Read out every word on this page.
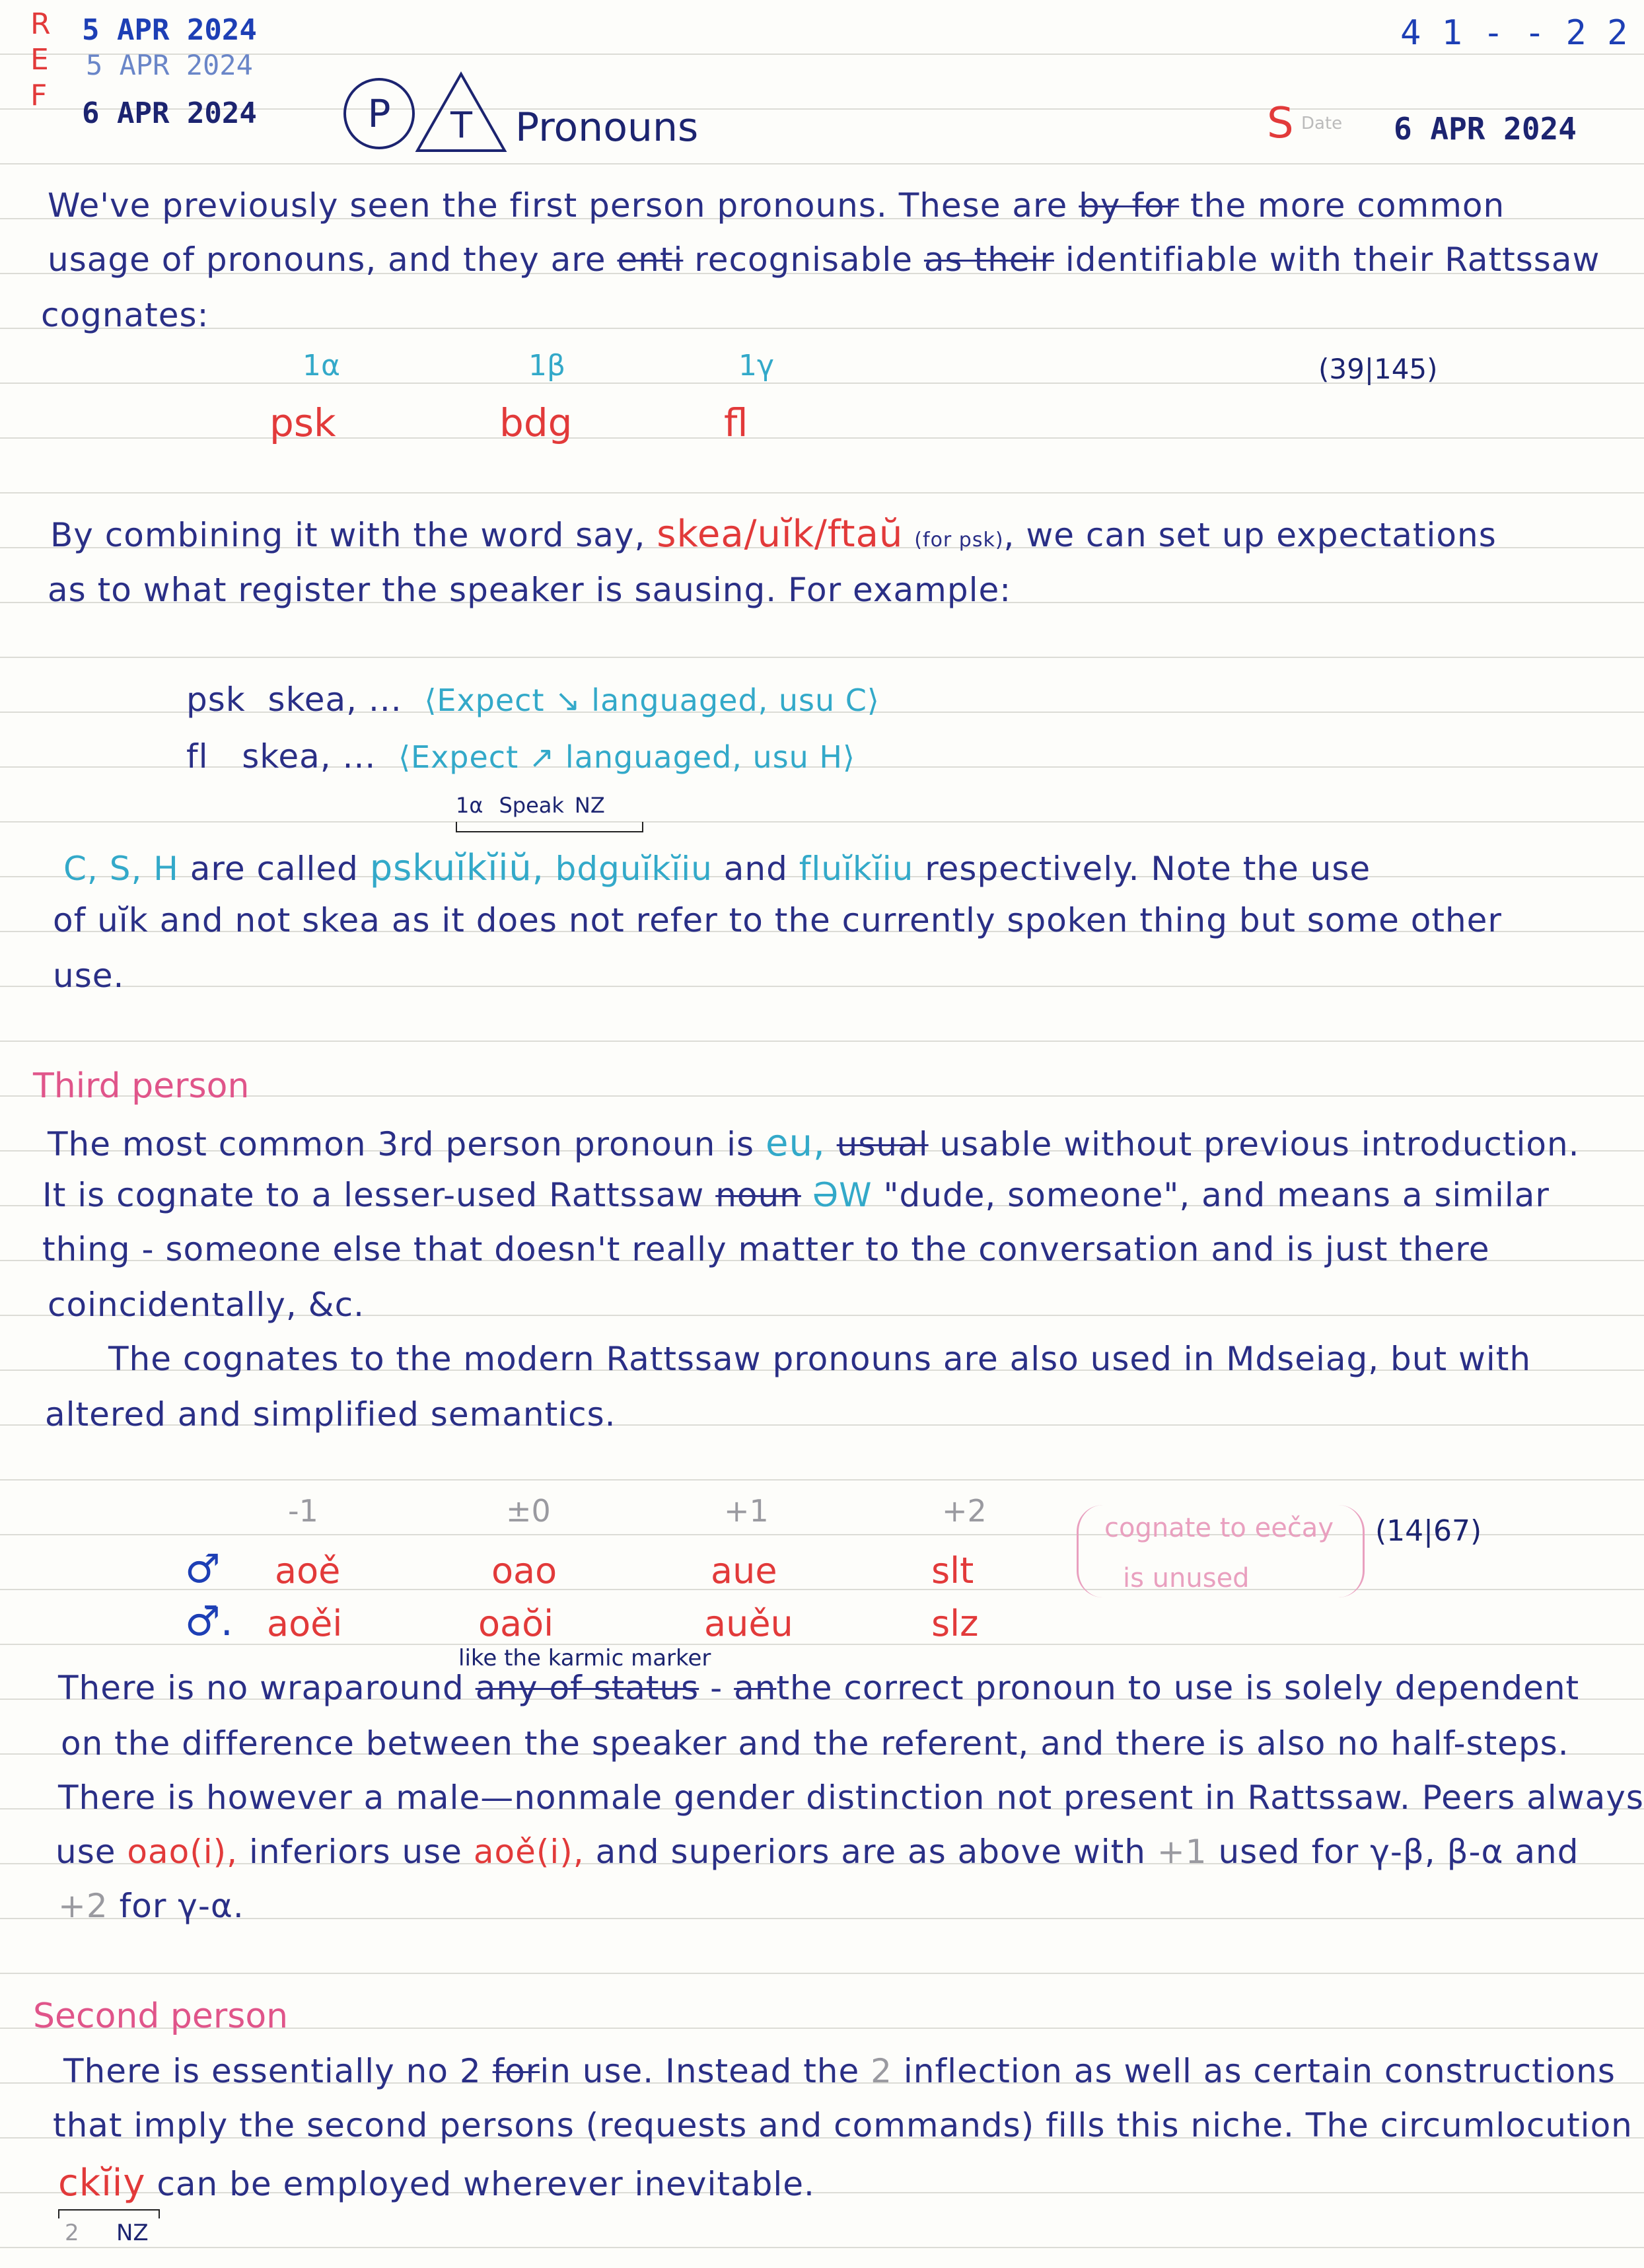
R
E
F
5 APR 2024
5 APR 2024
6 APR 2024
4 1 - - 2 2
P	T Pronouns	S Date 6 APR 2024
We've previously seen the first person pronouns. These are by for the more common
usage of pronouns, and they are enti recognisable as their identifiable with their Rattssaw
cognates:
1α	1β	1γ
psk	bdg	fl
(39|145)
By combining it with the word say, skea/uĭk/ftaŭ (for psk), we can set up expectations
as to what register the speaker is sausing. For example:
psk skea, ... ⟨Expect ↘ languaged, usu C⟩
fl skea, ... ⟨Expect ↗ languaged, usu H⟩
1α Speak NZ
C, S, H are called pskuĭkĭiŭ, bdguĭkĭiu and fluĭkĭiu respectively. Note the use
of uĭk and not skea as it does not refer to the currently spoken thing but some other
use.
Third person
The most common 3rd person pronoun is eu, usual usable without previous introduction.
It is cognate to a lesser-used Rattssaw noun ƏW "dude, someone", and means a similar
thing - someone else that doesn't really matter to the conversation and is just there
coincidentally, &c.
The cognates to the modern Rattssaw pronouns are also used in Mdseiag, but with
altered and simplified semantics.
-1	±0	+1	+2
♂ aoě	oao	aue	slt
♂̄. aoěi	oaŏi	auěu	slz
cognate to eečay
is unused
(14|67)
like the karmic marker
There is no wraparound any of status - anthe correct pronoun to use is solely dependent
on the difference between the speaker and the referent, and there is also no half-steps.
There is however a male—nonmale gender distinction not present in Rattssaw. Peers always
use oao(i), inferiors use aoě(i), and superiors are as above with +1 used for γ-β, β-α and
+2 for γ-α.
Second person
There is essentially no 2 forin use. Instead the 2 inflection as well as certain constructions
that imply the second persons (requests and commands) fills this niche. The circumlocution
ckĭiy can be employed wherever inevitable.
2 NZ
